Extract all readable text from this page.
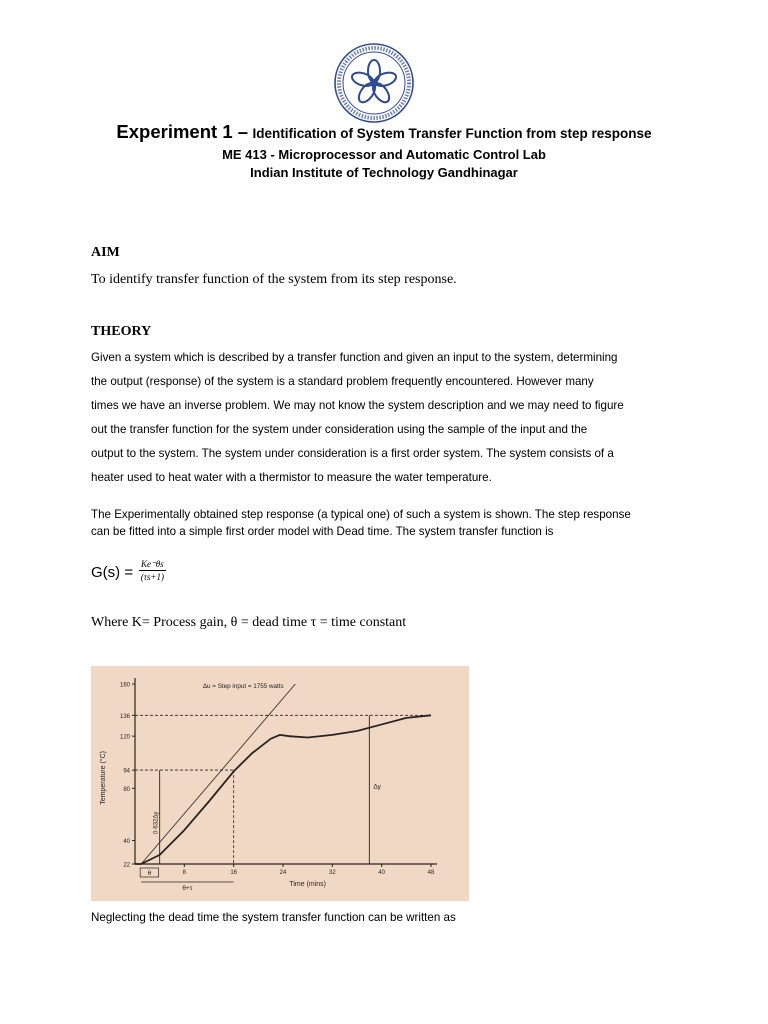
Experiment 1 – Identification of System Transfer Function from step response
ME 413 - Microprocessor and Automatic Control Lab
Indian Institute of Technology Gandhinagar
AIM
To identify transfer function of the system from its step response.
THEORY
Given a system which is described by a transfer function and given an input to the system, determining
the output (response) of the system is a standard problem frequently encountered. However many
times we have an inverse problem. We may not know the system description and we may need to figure
out the transfer function for the system under consideration using the sample of the input and the
output to the system. The system under consideration is a first order system. The system consists of a
heater used to heat water with a thermistor to measure the water temperature.
The Experimentally obtained step response (a typical one) of such a system is shown. The step response
can be fitted into a simple first order model with Dead time. The system transfer function is
$G(s) = \frac{Ke^-\theta s}{(\tau s+1)}$
Where K= Process gain, θ = dead time τ = time constant
22
40
80
94
120
136
160
8	16	24	32	40	48
Δu = Step input = 1755 watts
Δy
0·632Δy
θ
θ+τ
Time (mins)
Temperature (°C)
Neglecting the dead time the system transfer function can be written as
